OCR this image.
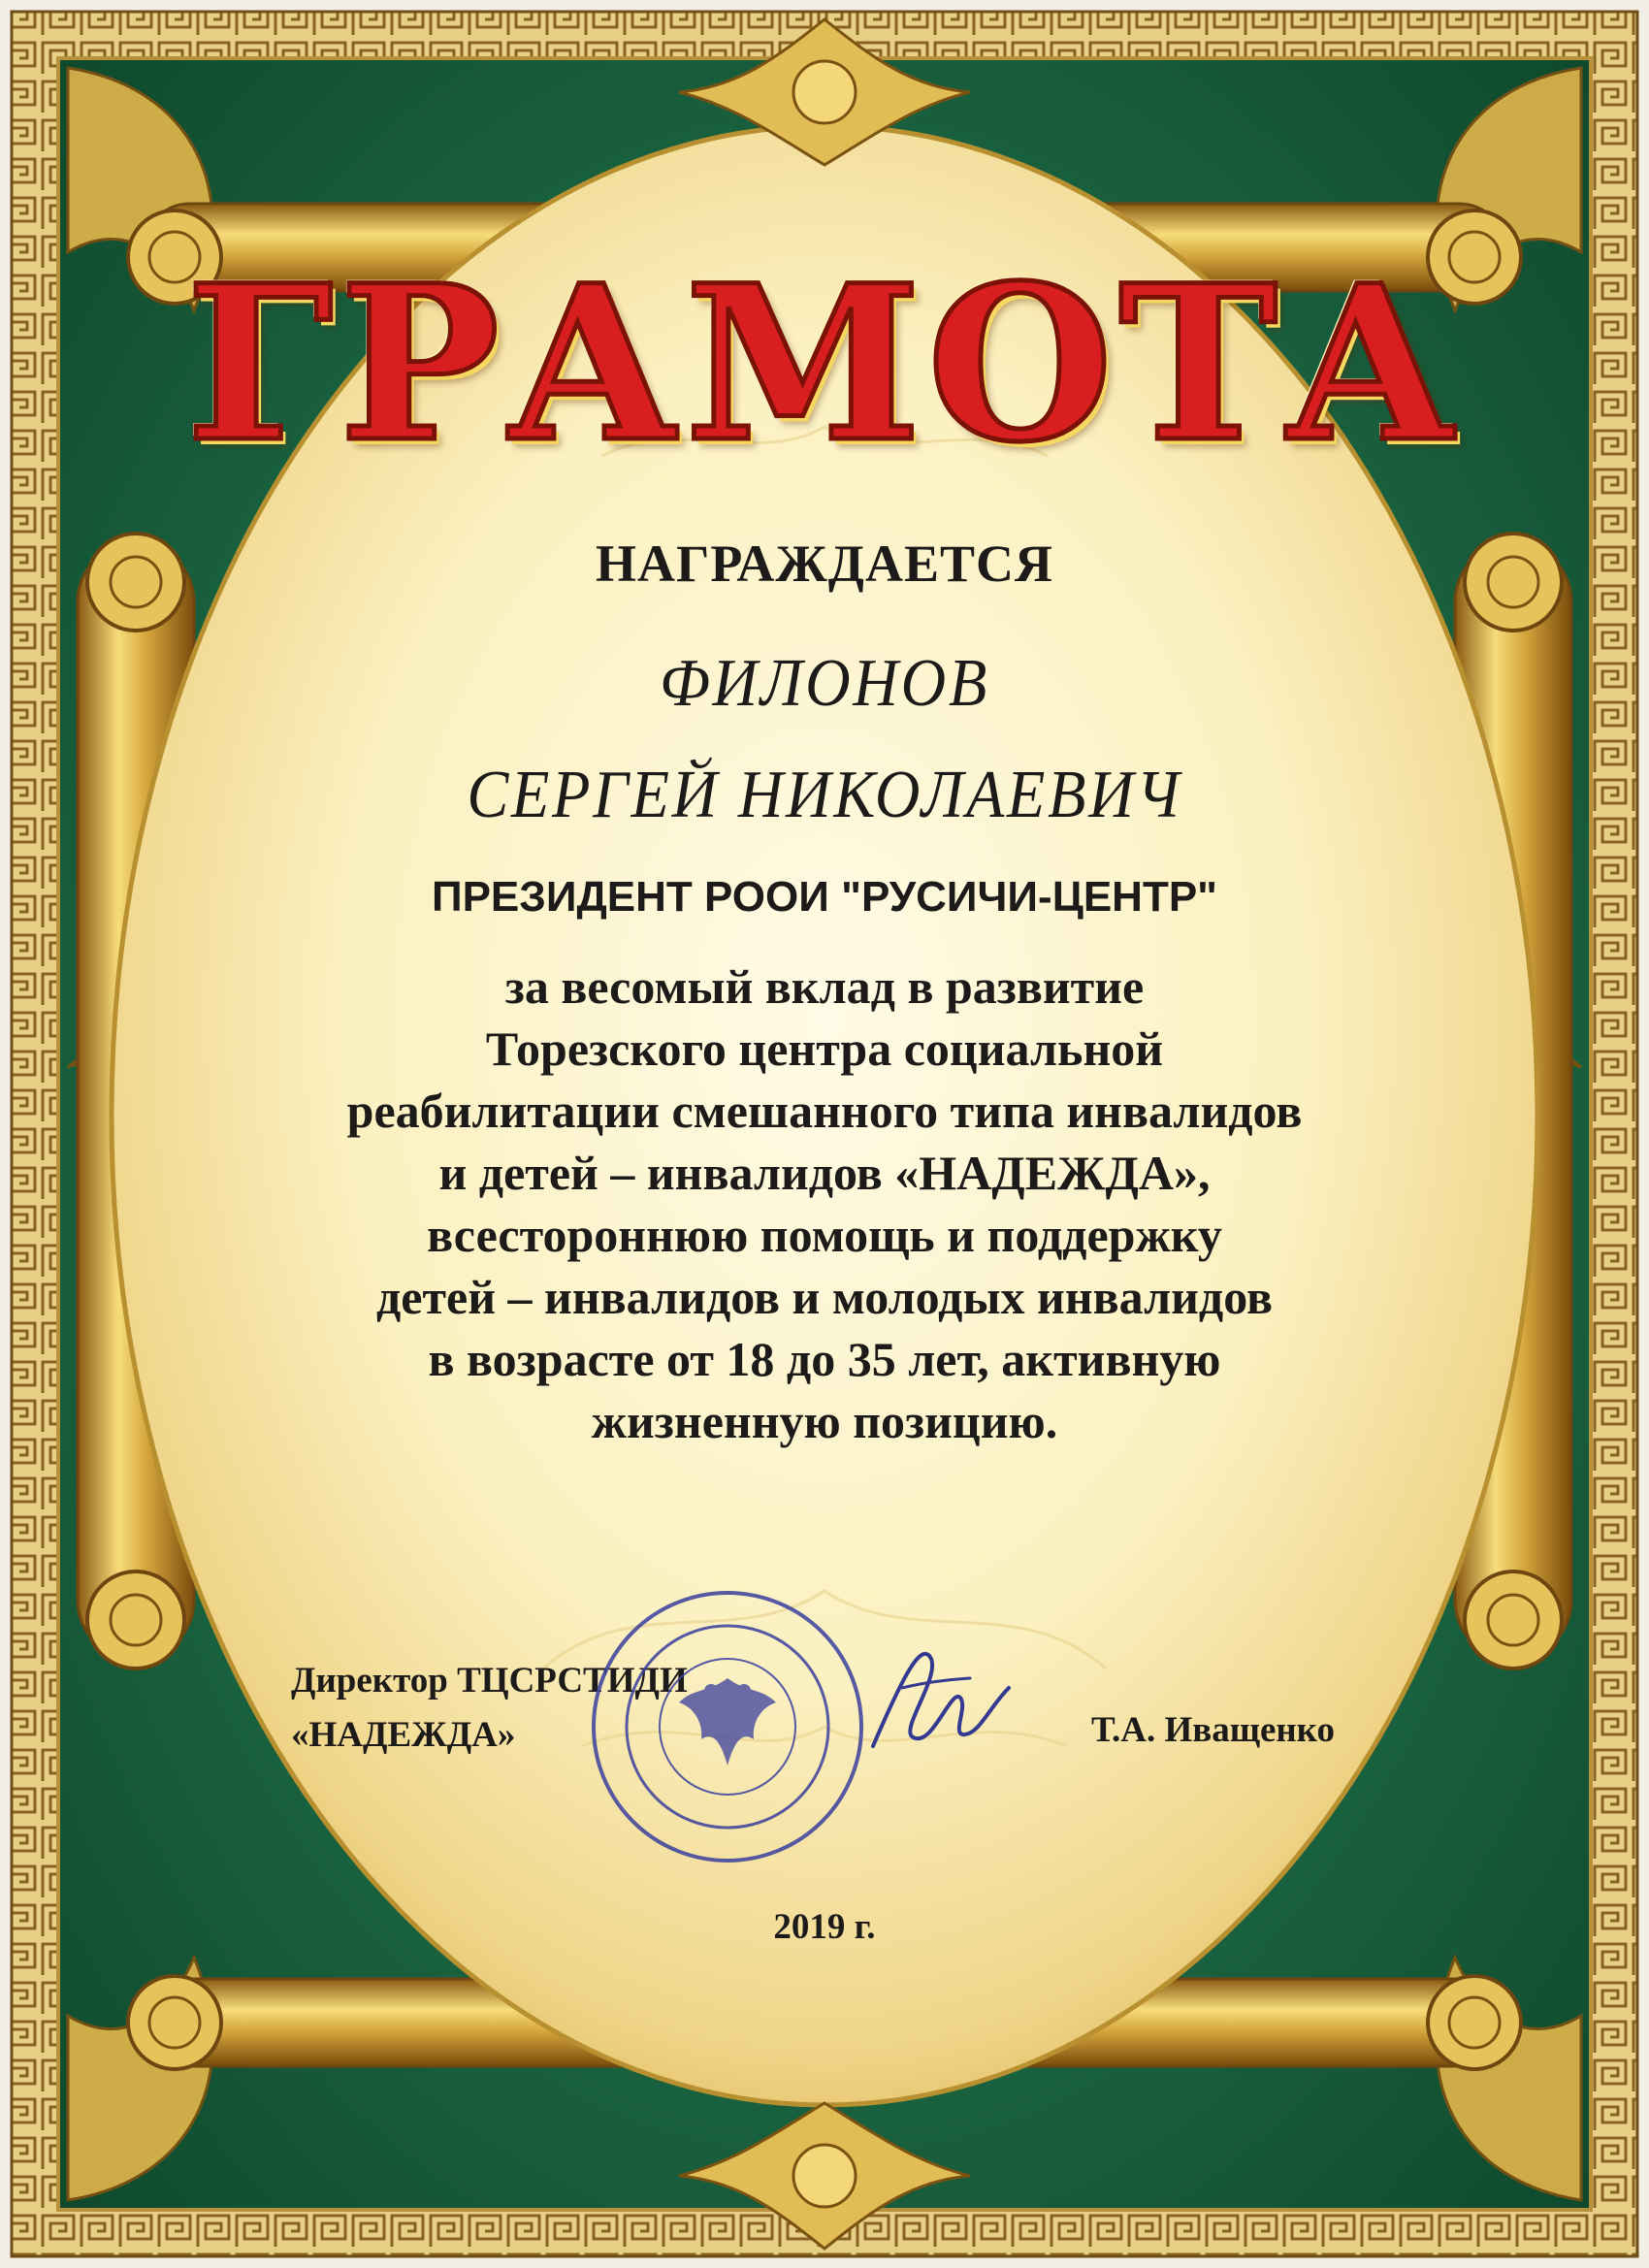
ГРАМОТА
НАГРАЖДАЕТСЯ
ФИЛОНОВ
СЕРГЕЙ НИКОЛАЕВИЧ
ПРЕЗИДЕНТ РООИ "РУСИЧИ-ЦЕНТР"
за весомый вклад в развитие
Торезского центра социальной
реабилитации смешанного типа инвалидов
и детей – инвалидов «НАДЕЖДА»,
всестороннюю помощь и поддержку
детей – инвалидов и молодых инвалидов
в возрасте от 18 до 35 лет, активную
жизненную позицию.
Директор ТЦСРСТИДИ
«НАДЕЖДА»	Т.А. Иващенко
2019 г.
